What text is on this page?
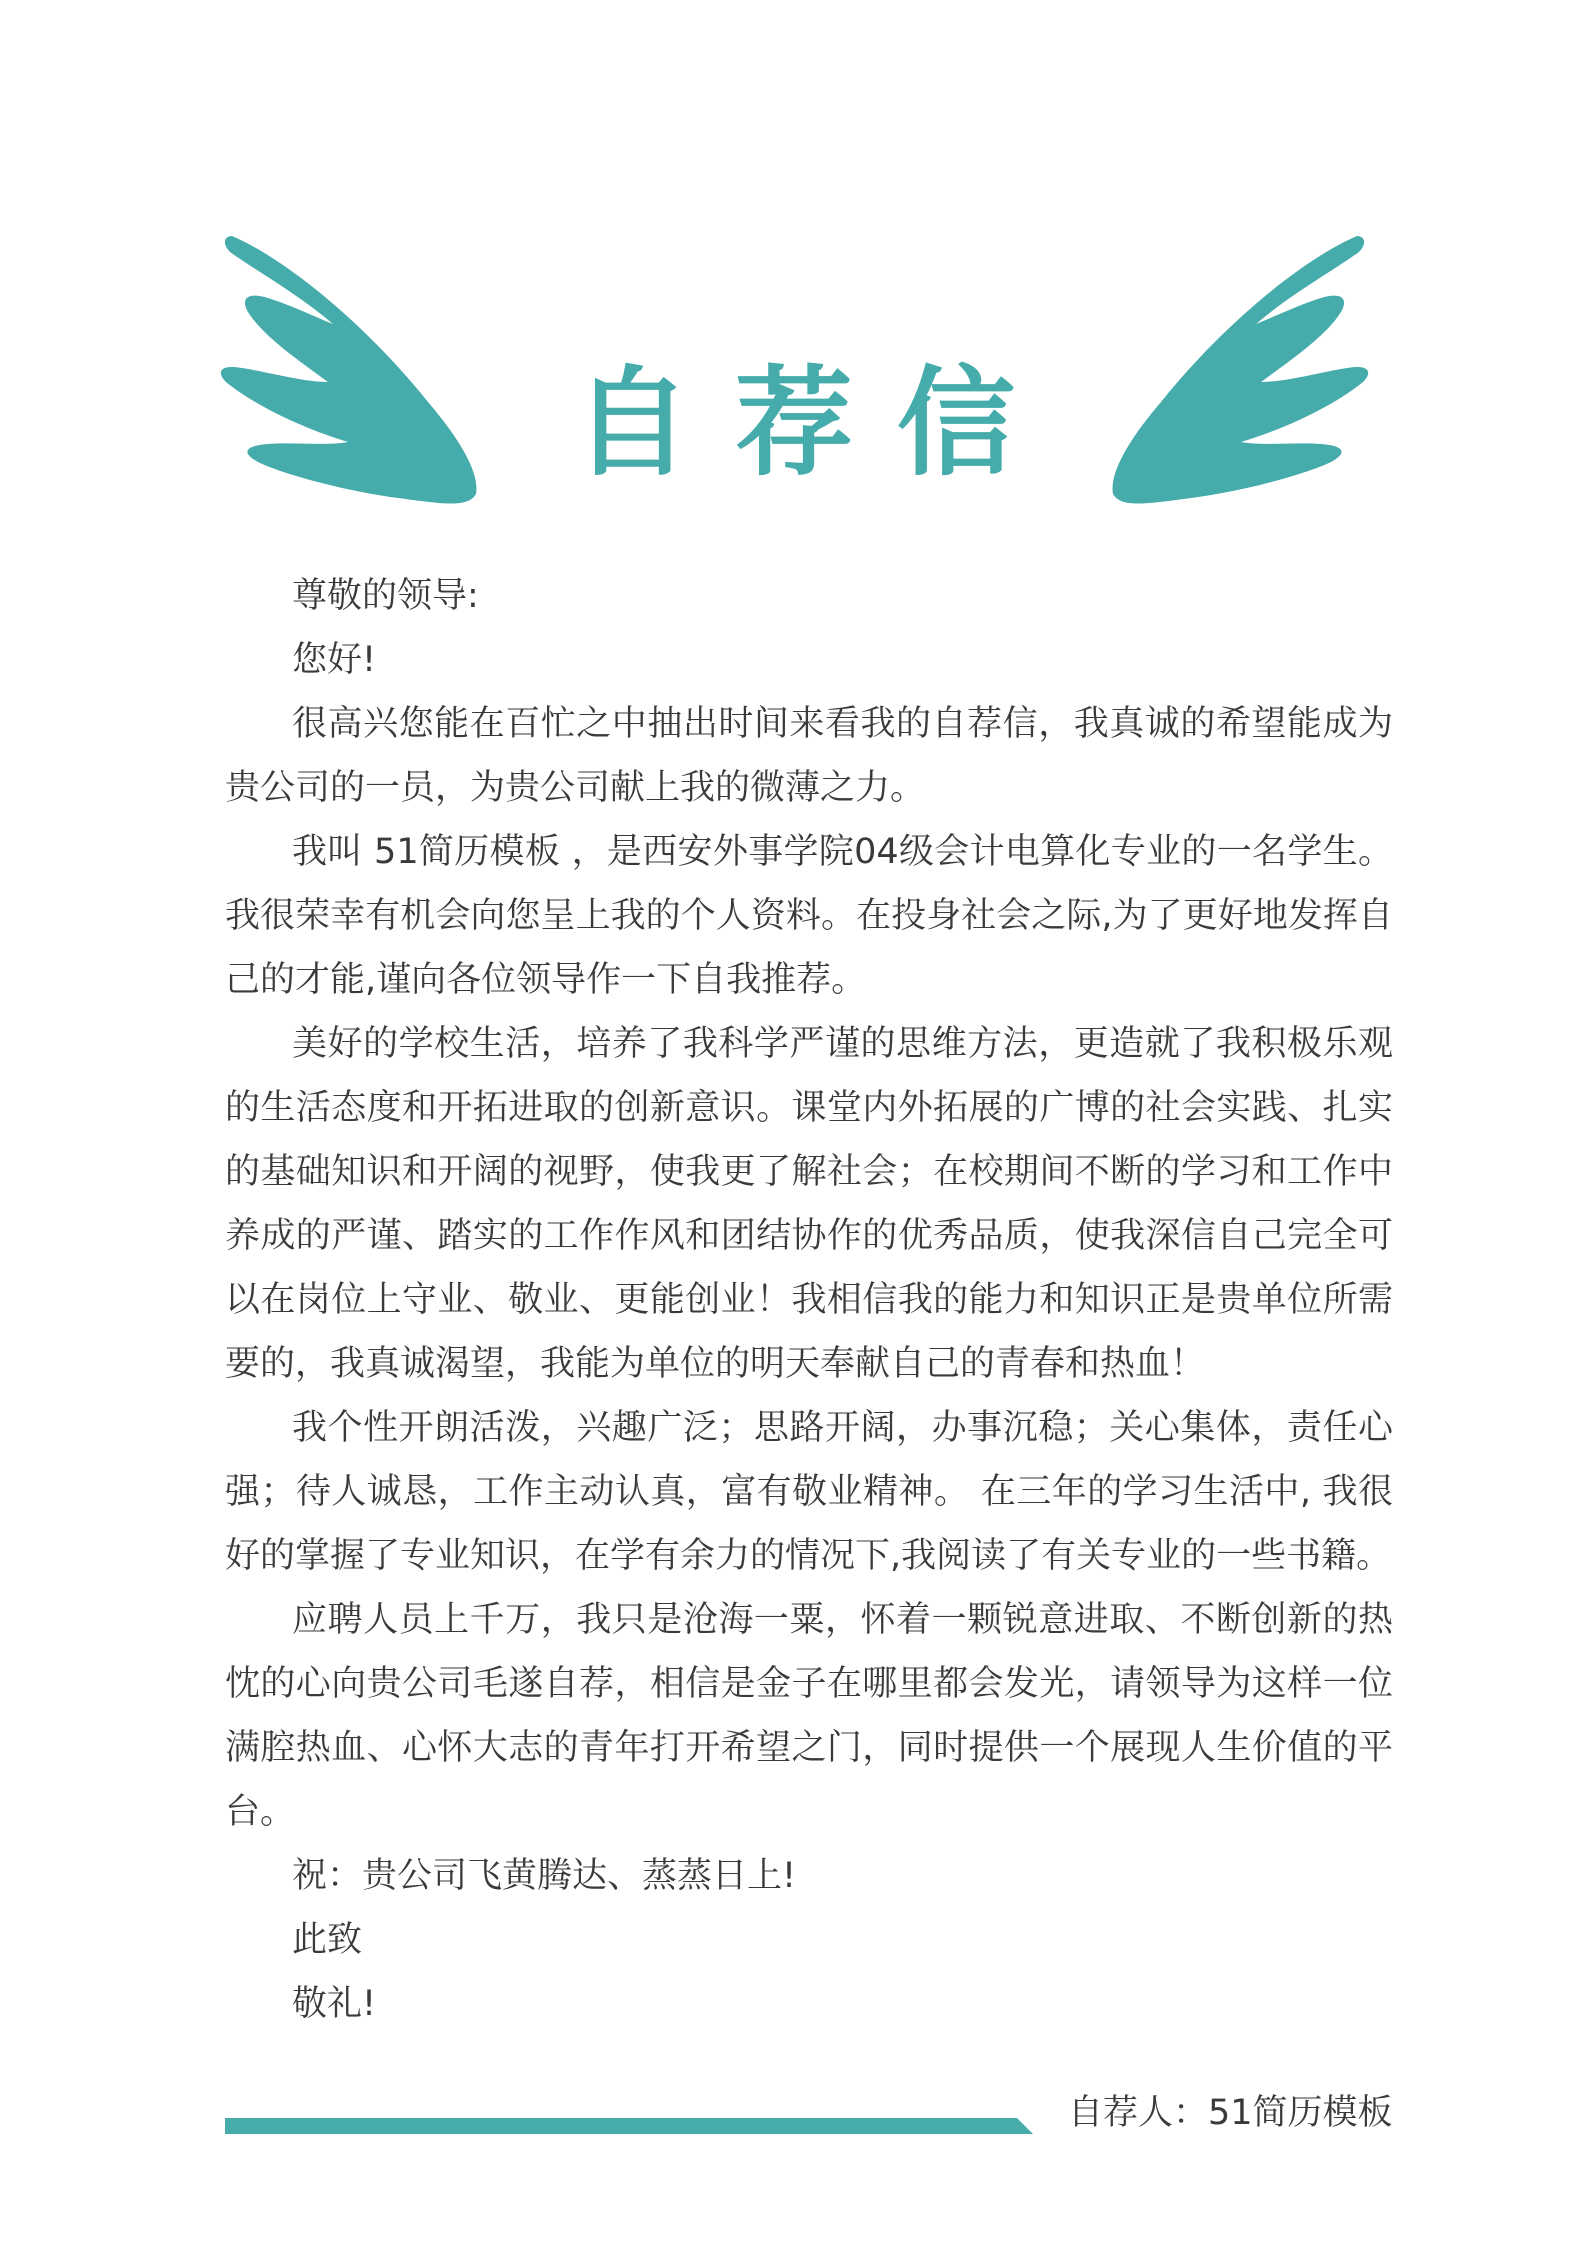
自荐信

尊敬的领导:

您好!

很高兴您能在百忙之中抽出时间来看我的自荐信，我真诚的希望能成为贵公司的一员，为贵公司献上我的微薄之力。

我叫 51简历模板 ，是西安外事学院04级会计电算化专业的一名学生。我很荣幸有机会向您呈上我的个人资料。在投身社会之际,为了更好地发挥自己的才能,谨向各位领导作一下自我推荐。

美好的学校生活，培养了我科学严谨的思维方法，更造就了我积极乐观的生活态度和开拓进取的创新意识。课堂内外拓展的广博的社会实践、扎实的基础知识和开阔的视野，使我更了解社会；在校期间不断的学习和工作中养成的严谨、踏实的工作作风和团结协作的优秀品质，使我深信自己完全可以在岗位上守业、敬业、更能创业！我相信我的能力和知识正是贵单位所需要的，我真诚渴望，我能为单位的明天奉献自己的青春和热血！

我个性开朗活泼，兴趣广泛；思路开阔，办事沉稳；关心集体，责任心强；待人诚恳，工作主动认真，富有敬业精神。 在三年的学习生活中, 我很好的掌握了专业知识，在学有余力的情况下,我阅读了有关专业的一些书籍。

应聘人员上千万，我只是沧海一粟，怀着一颗锐意进取、不断创新的热忱的心向贵公司毛遂自荐，相信是金子在哪里都会发光，请领导为这样一位满腔热血、心怀大志的青年打开希望之门，同时提供一个展现人生价值的平台。

祝：贵公司飞黄腾达、蒸蒸日上!

此致

敬礼!

自荐人：51简历模板
